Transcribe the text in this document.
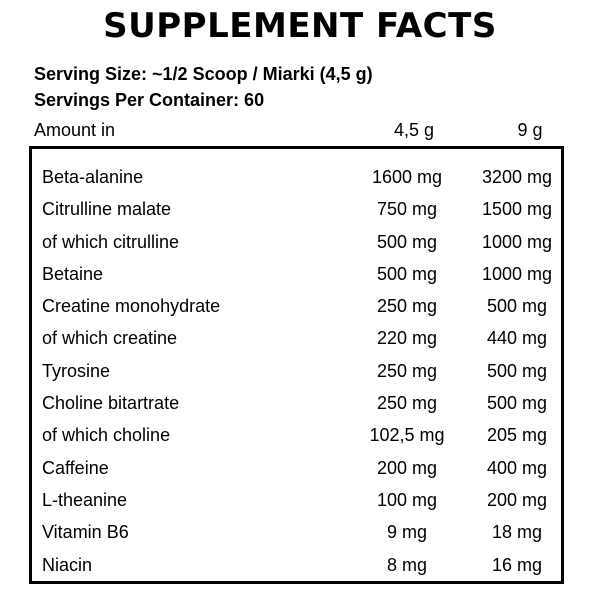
SUPPLEMENT FACTS
Serving Size: ~1/2 Scoop / Miarki (4,5 g)
Servings Per Container: 60
Amount in	4,5 g	9 g
Beta-alanine	1600 mg	3200 mg
Citrulline malate	750 mg	1500 mg
of which citrulline	500 mg	1000 mg
Betaine	500 mg	1000 mg
Creatine monohydrate	250 mg	500 mg
of which creatine	220 mg	440 mg
Tyrosine	250 mg	500 mg
Choline bitartrate	250 mg	500 mg
of which choline	102,5 mg	205 mg
Caffeine	200 mg	400 mg
L-theanine	100 mg	200 mg
Vitamin B6	9 mg	18 mg
Niacin	8 mg	16 mg
